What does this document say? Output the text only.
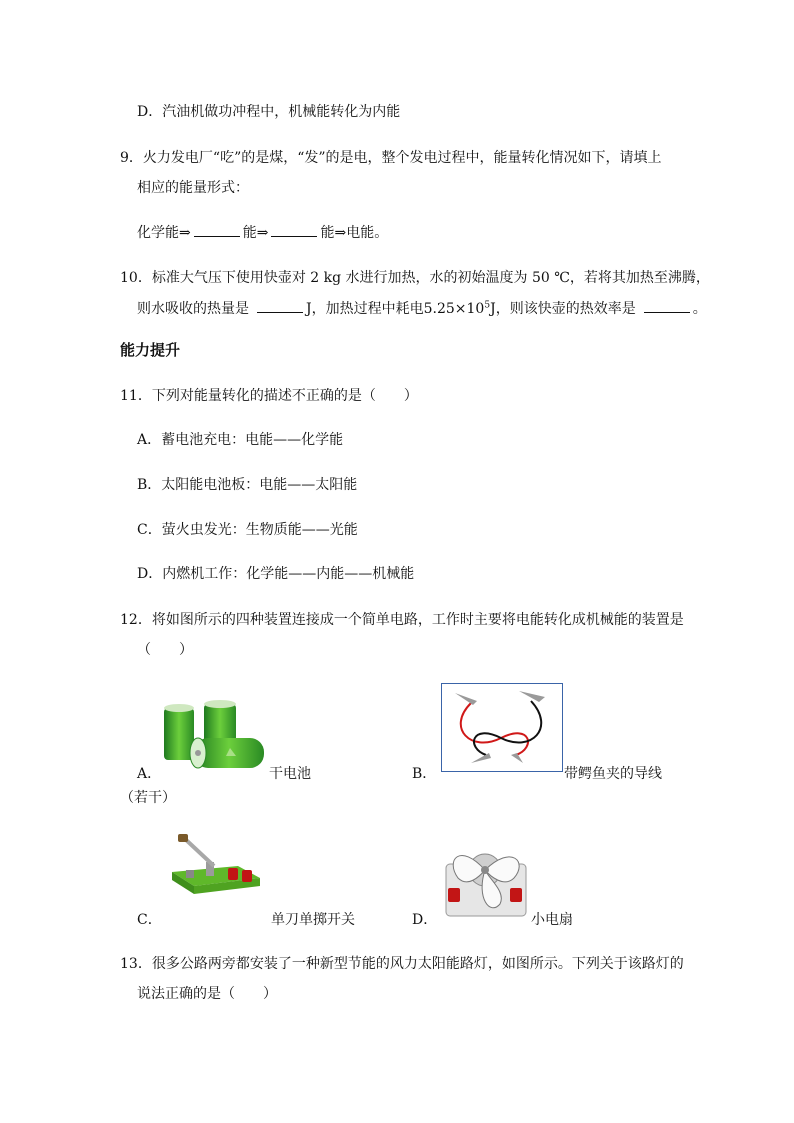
D．汽油机做功冲程中，机械能转化为内能
9．火力发电厂“吃”的是煤，“发”的是电，整个发电过程中，能量转化情况如下，请填上
相应的能量形式：
化学能⇒	能⇒	能⇒电能。
10．标准大气压下使用快壶对 2 kg 水进行加热，水的初始温度为 50 ℃，若将其加热至沸腾，
则水吸收的热量是	J，加热过程中耗电$5.25\times 10^5J$，则该快壶的热效率是	。
能力提升
11．下列对能量转化的描述不正确的是（　　）
A．蓄电池充电：电能——化学能
B．太阳能电池板：电能——太阳能
C．萤火虫发光：生物质能——光能
D．内燃机工作：化学能——内能——机械能
12．将如图所示的四种装置连接成一个简单电路，工作时主要将电能转化成机械能的装置是
（　　）
A．	干电池	B．	带鳄鱼夹的导线
（若干）
C．	单刀单掷开关	D．	小电扇
13．很多公路两旁都安装了一种新型节能的风力太阳能路灯，如图所示。下列关于该路灯的
说法正确的是（　　）
